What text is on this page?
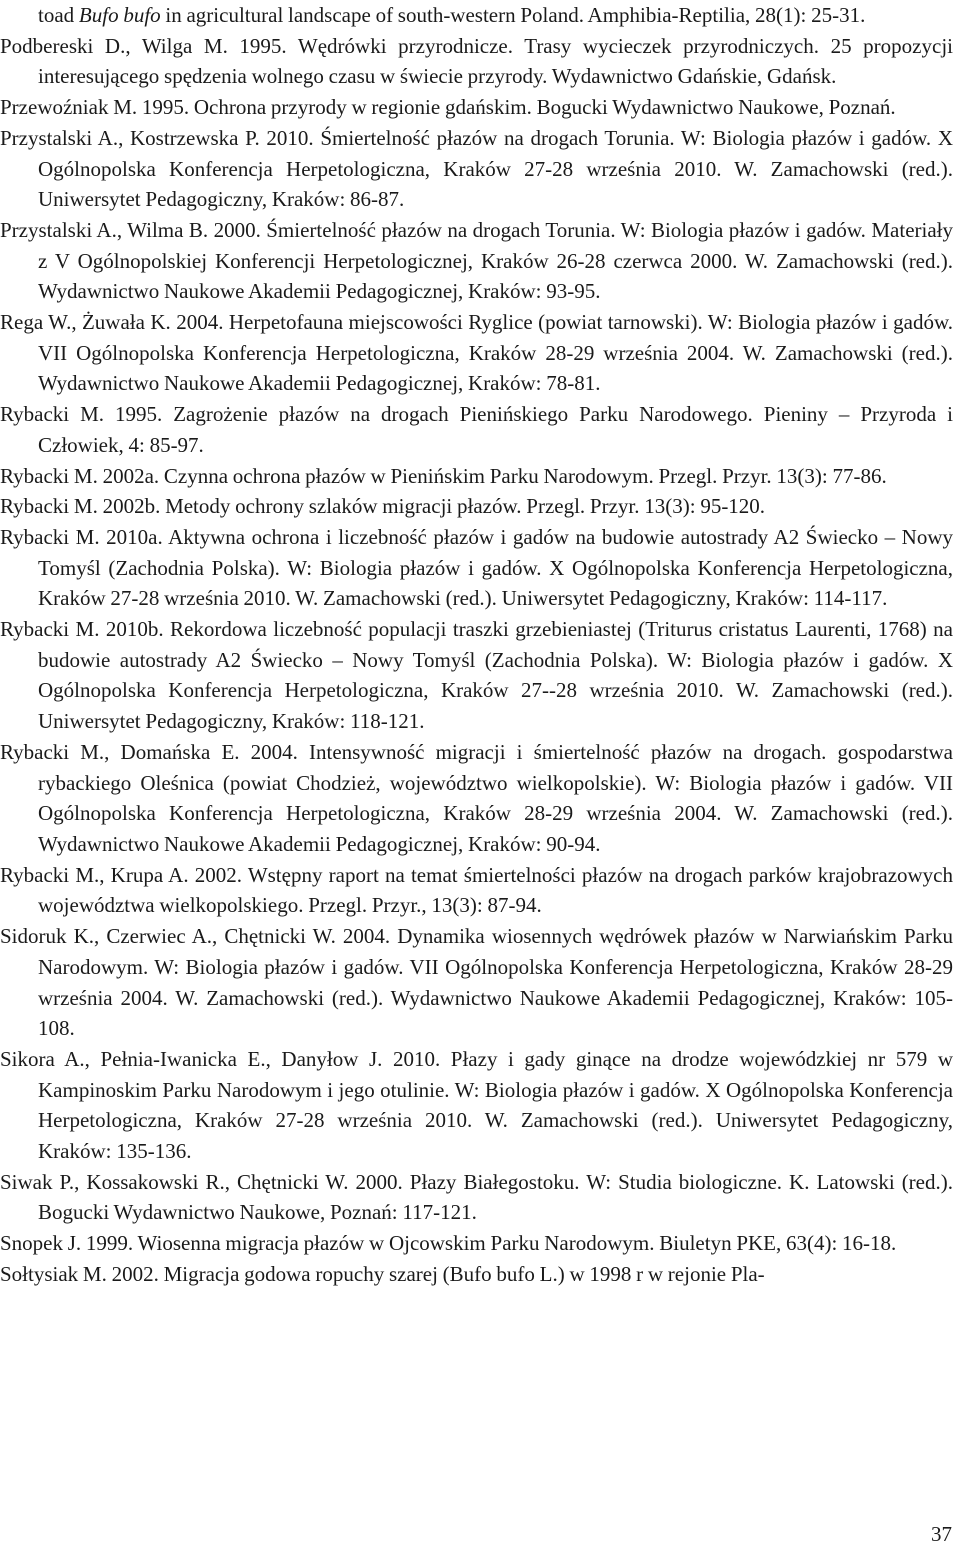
toad Bufo bufo in agricultural landscape of south-western Poland. Amphibia-Reptilia, 28(1): 25-31.

Podbereski D., Wilga M. 1995. Wędrówki przyrodnicze. Trasy wycieczek przyrodniczych. 25 propozycji interesującego spędzenia wolnego czasu w świecie przyrody. Wydawnictwo Gdańskie, Gdańsk.

Przewoźniak M. 1995. Ochrona przyrody w regionie gdańskim. Bogucki Wydawnictwo Naukowe, Poznań.

Przystalski A., Kostrzewska P. 2010. Śmiertelność płazów na drogach Torunia. W: Biologia płazów i gadów. X Ogólnopolska Konferencja Herpetologiczna, Kraków 27-28 września 2010. W. Zamachowski (red.). Uniwersytet Pedagogiczny, Kraków: 86-87.

Przystalski A., Wilma B. 2000. Śmiertelność płazów na drogach Torunia. W: Biologia płazów i gadów. Materiały z V Ogólnopolskiej Konferencji Herpetologicznej, Kraków 26-28 czerwca 2000. W. Zamachowski (red.). Wydawnictwo Naukowe Akademii Pedagogicznej, Kraków: 93-95.

Rega W., Żuwała K. 2004. Herpetofauna miejscowości Ryglice (powiat tarnowski). W: Biologia płazów i gadów. VII Ogólnopolska Konferencja Herpetologiczna, Kraków 28-29 września 2004. W. Zamachowski (red.). Wydawnictwo Naukowe Akademii Pedagogicznej, Kraków: 78-81.

Rybacki M. 1995. Zagrożenie płazów na drogach Pienińskiego Parku Narodowego. Pieniny – Przyroda i Człowiek, 4: 85-97.

Rybacki M. 2002a. Czynna ochrona płazów w Pienińskim Parku Narodowym. Przegl. Przyr. 13(3): 77-86.

Rybacki M. 2002b. Metody ochrony szlaków migracji płazów. Przegl. Przyr. 13(3): 95-120.

Rybacki M. 2010a. Aktywna ochrona i liczebność płazów i gadów na budowie autostrady A2 Świecko – Nowy Tomyśl (Zachodnia Polska). W: Biologia płazów i gadów. X Ogólnopolska Konferencja Herpetologiczna, Kraków 27-28 września 2010. W. Zamachowski (red.). Uniwersytet Pedagogiczny, Kraków: 114-117.

Rybacki M. 2010b. Rekordowa liczebność populacji traszki grzebieniastej (Triturus cristatus Laurenti, 1768) na budowie autostrady A2 Świecko – Nowy Tomyśl (Zachodnia Polska). W: Biologia płazów i gadów. X Ogólnopolska Konferencja Herpetologiczna, Kraków 27--28 września 2010. W. Zamachowski (red.). Uniwersytet Pedagogiczny, Kraków: 118-121.

Rybacki M., Domańska E. 2004. Intensywność migracji i śmiertelność płazów na drogach. gospodarstwa rybackiego Oleśnica (powiat Chodzież, województwo wielkopolskie). W: Biologia płazów i gadów. VII Ogólnopolska Konferencja Herpetologiczna, Kraków 28-29 września 2004. W. Zamachowski (red.). Wydawnictwo Naukowe Akademii Pedagogicznej, Kraków: 90-94.

Rybacki M., Krupa A. 2002. Wstępny raport na temat śmiertelności płazów na drogach parków krajobrazowych województwa wielkopolskiego. Przegl. Przyr., 13(3): 87-94.

Sidoruk K., Czerwiec A., Chętnicki W. 2004. Dynamika wiosennych wędrówek płazów w Narwiańskim Parku Narodowym. W: Biologia płazów i gadów. VII Ogólnopolska Konferencja Herpetologiczna, Kraków 28-29 września 2004. W. Zamachowski (red.). Wydawnictwo Naukowe Akademii Pedagogicznej, Kraków: 105-108.

Sikora A., Pełnia-Iwanicka E., Danyłow J. 2010. Płazy i gady ginące na drodze wojewódzkiej nr 579 w Kampinoskim Parku Narodowym i jego otulinie. W: Biologia płazów i gadów. X Ogólnopolska Konferencja Herpetologiczna, Kraków 27-28 września 2010. W. Zamachowski (red.). Uniwersytet Pedagogiczny, Kraków: 135-136.

Siwak P., Kossakowski R., Chętnicki W. 2000. Płazy Białegostoku. W: Studia biologiczne. K. Latowski (red.). Bogucki Wydawnictwo Naukowe, Poznań: 117-121.

Snopek J. 1999. Wiosenna migracja płazów w Ojcowskim Parku Narodowym. Biuletyn PKE, 63(4): 16-18.

Sołtysiak M. 2002. Migracja godowa ropuchy szarej (Bufo bufo L.) w 1998 r w rejonie Pla-

37
